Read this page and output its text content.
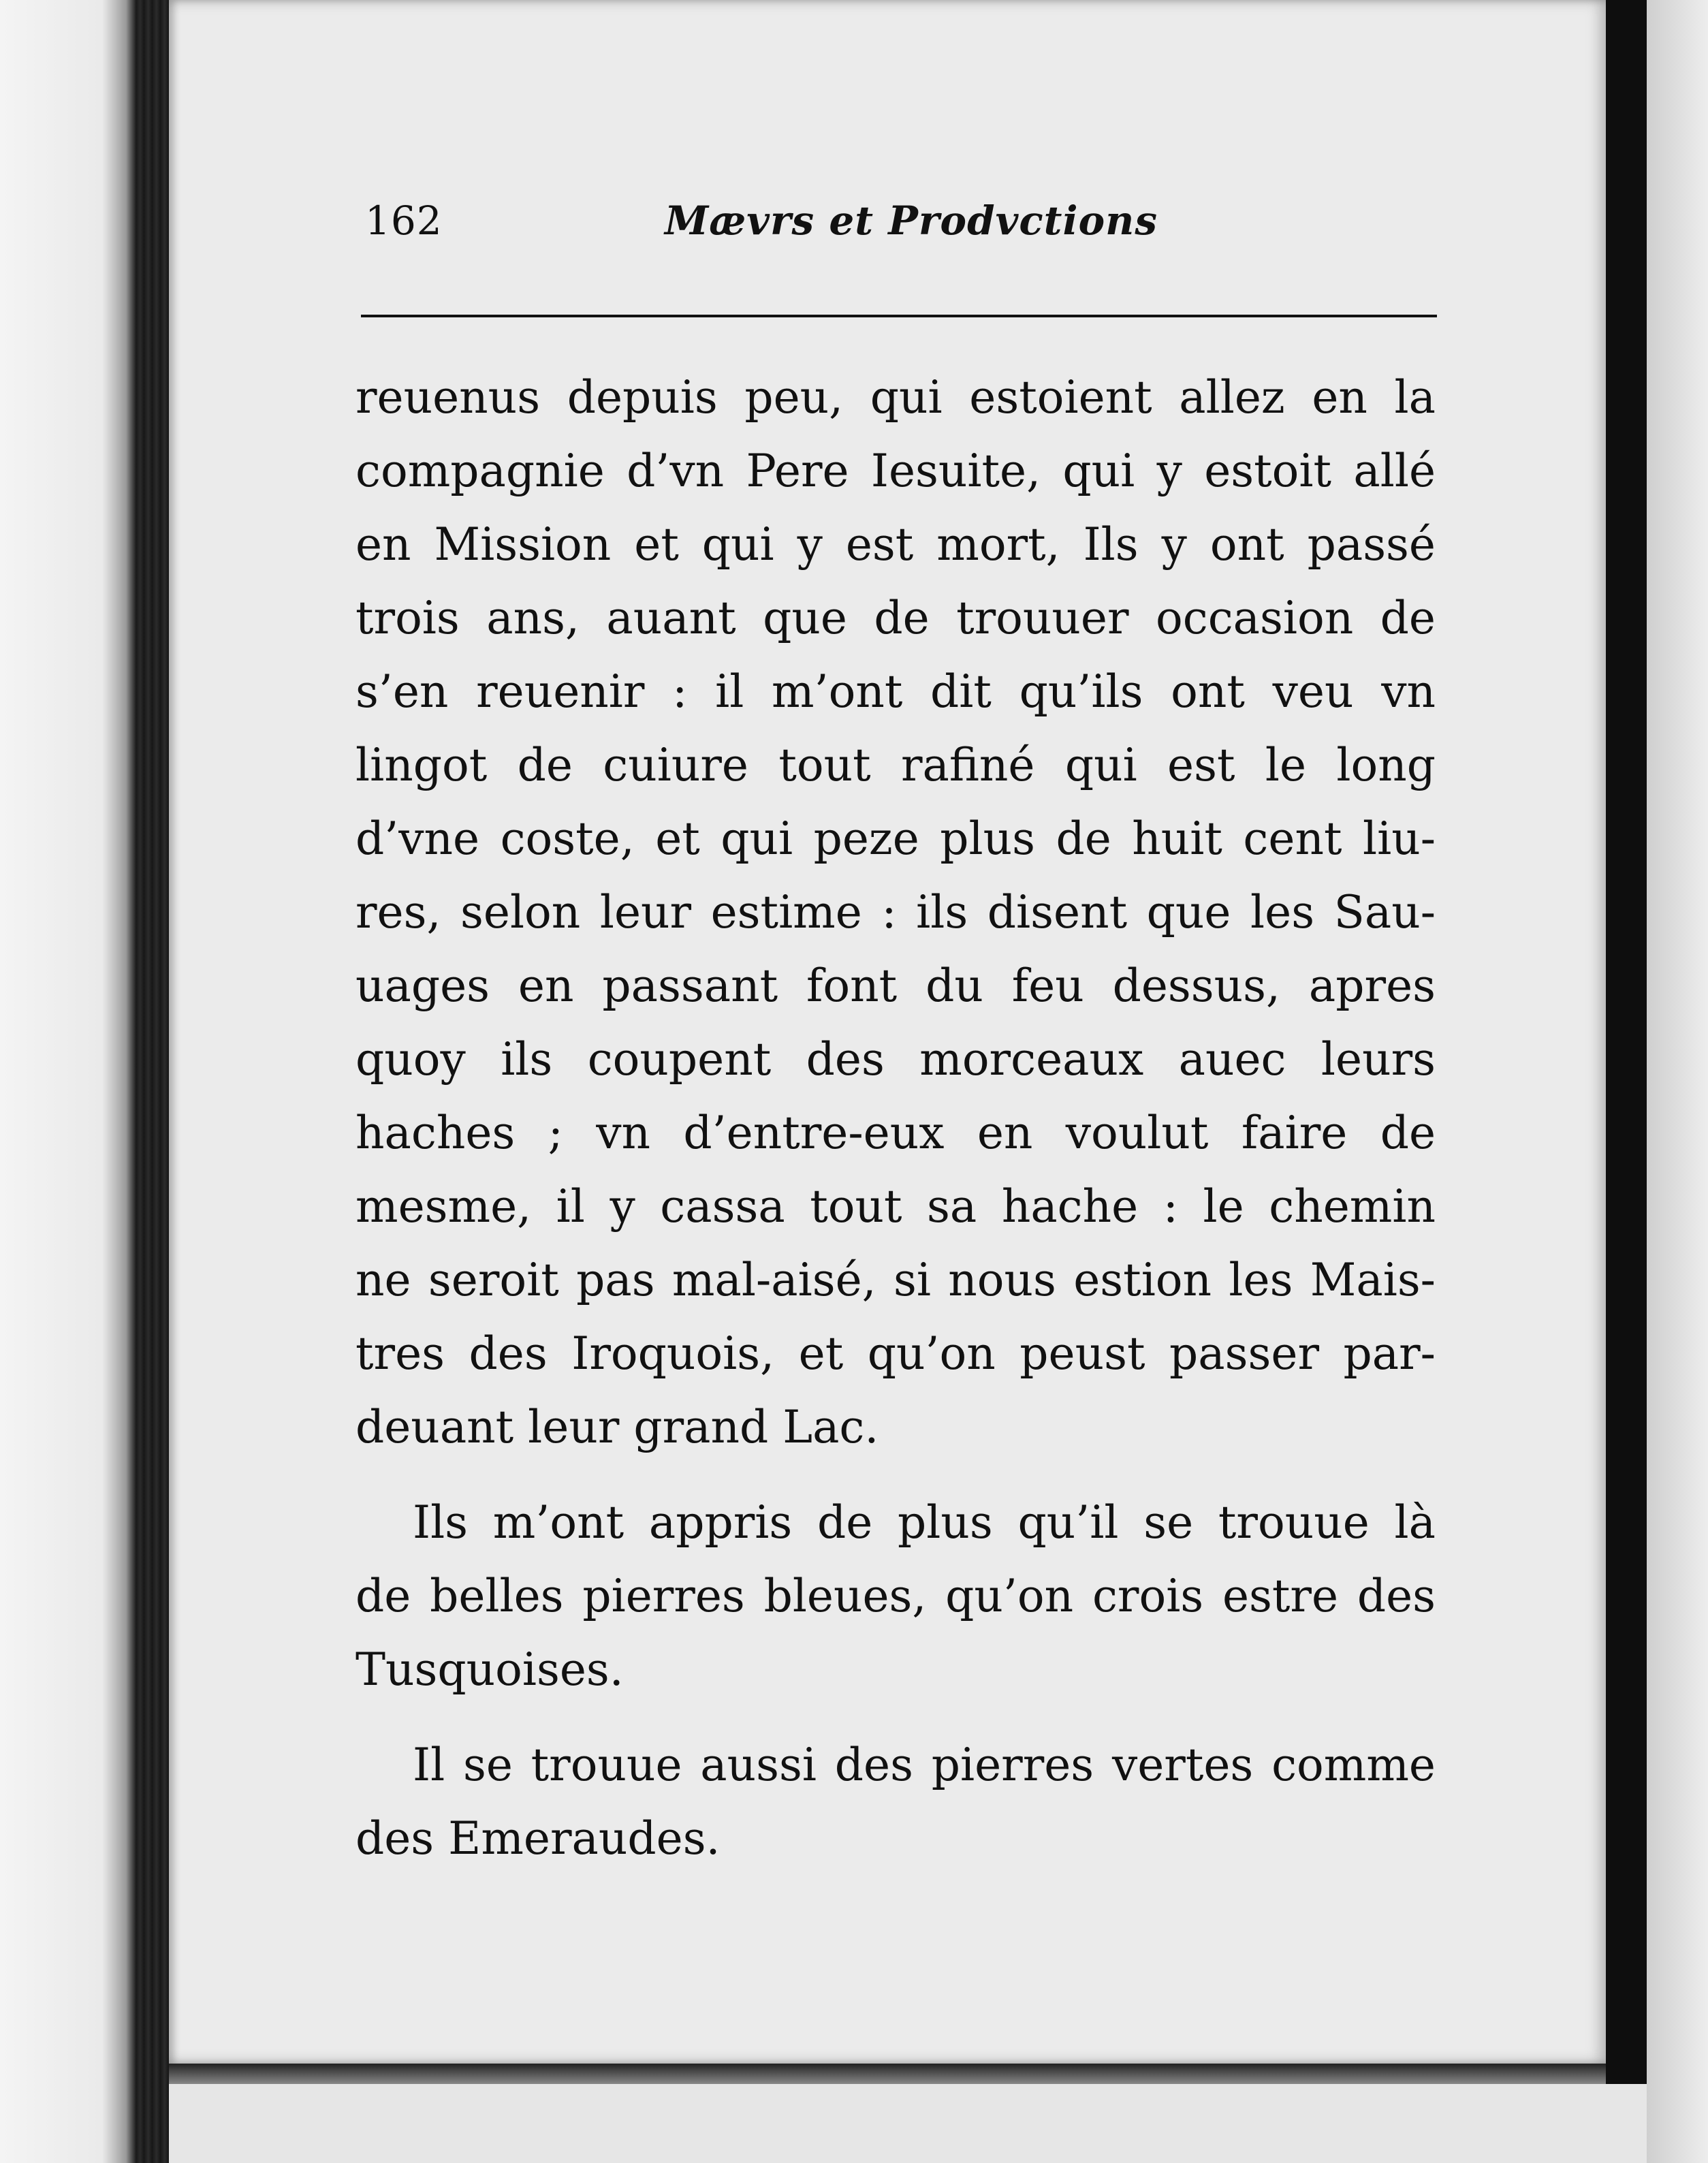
162	Mævrs et Prodvctions
reuenus depuis peu, qui estoient allez en la
compagnie d’vn Pere Iesuite, qui y estoit allé
en Mission et qui y est mort, Ils y ont passé
trois ans, auant que de trouuer occasion de
s’en reuenir : il m’ont dit qu’ils ont veu vn
lingot de cuiure tout rafiné qui est le long
d’vne coste, et qui peze plus de huit cent liu-
res, selon leur estime : ils disent que les Sau-
uages en passant font du feu dessus, apres
quoy ils coupent des morceaux auec leurs
haches ; vn d’entre-eux en voulut faire de
mesme, il y cassa tout sa hache : le chemin
ne seroit pas mal-aisé, si nous estion les Mais-
tres des Iroquois, et qu’on peust passer par-
deuant leur grand Lac.
Ils m’ont appris de plus qu’il se trouue là
de belles pierres bleues, qu’on crois estre des
Tusquoises.
Il se trouue aussi des pierres vertes comme
des Emeraudes.
